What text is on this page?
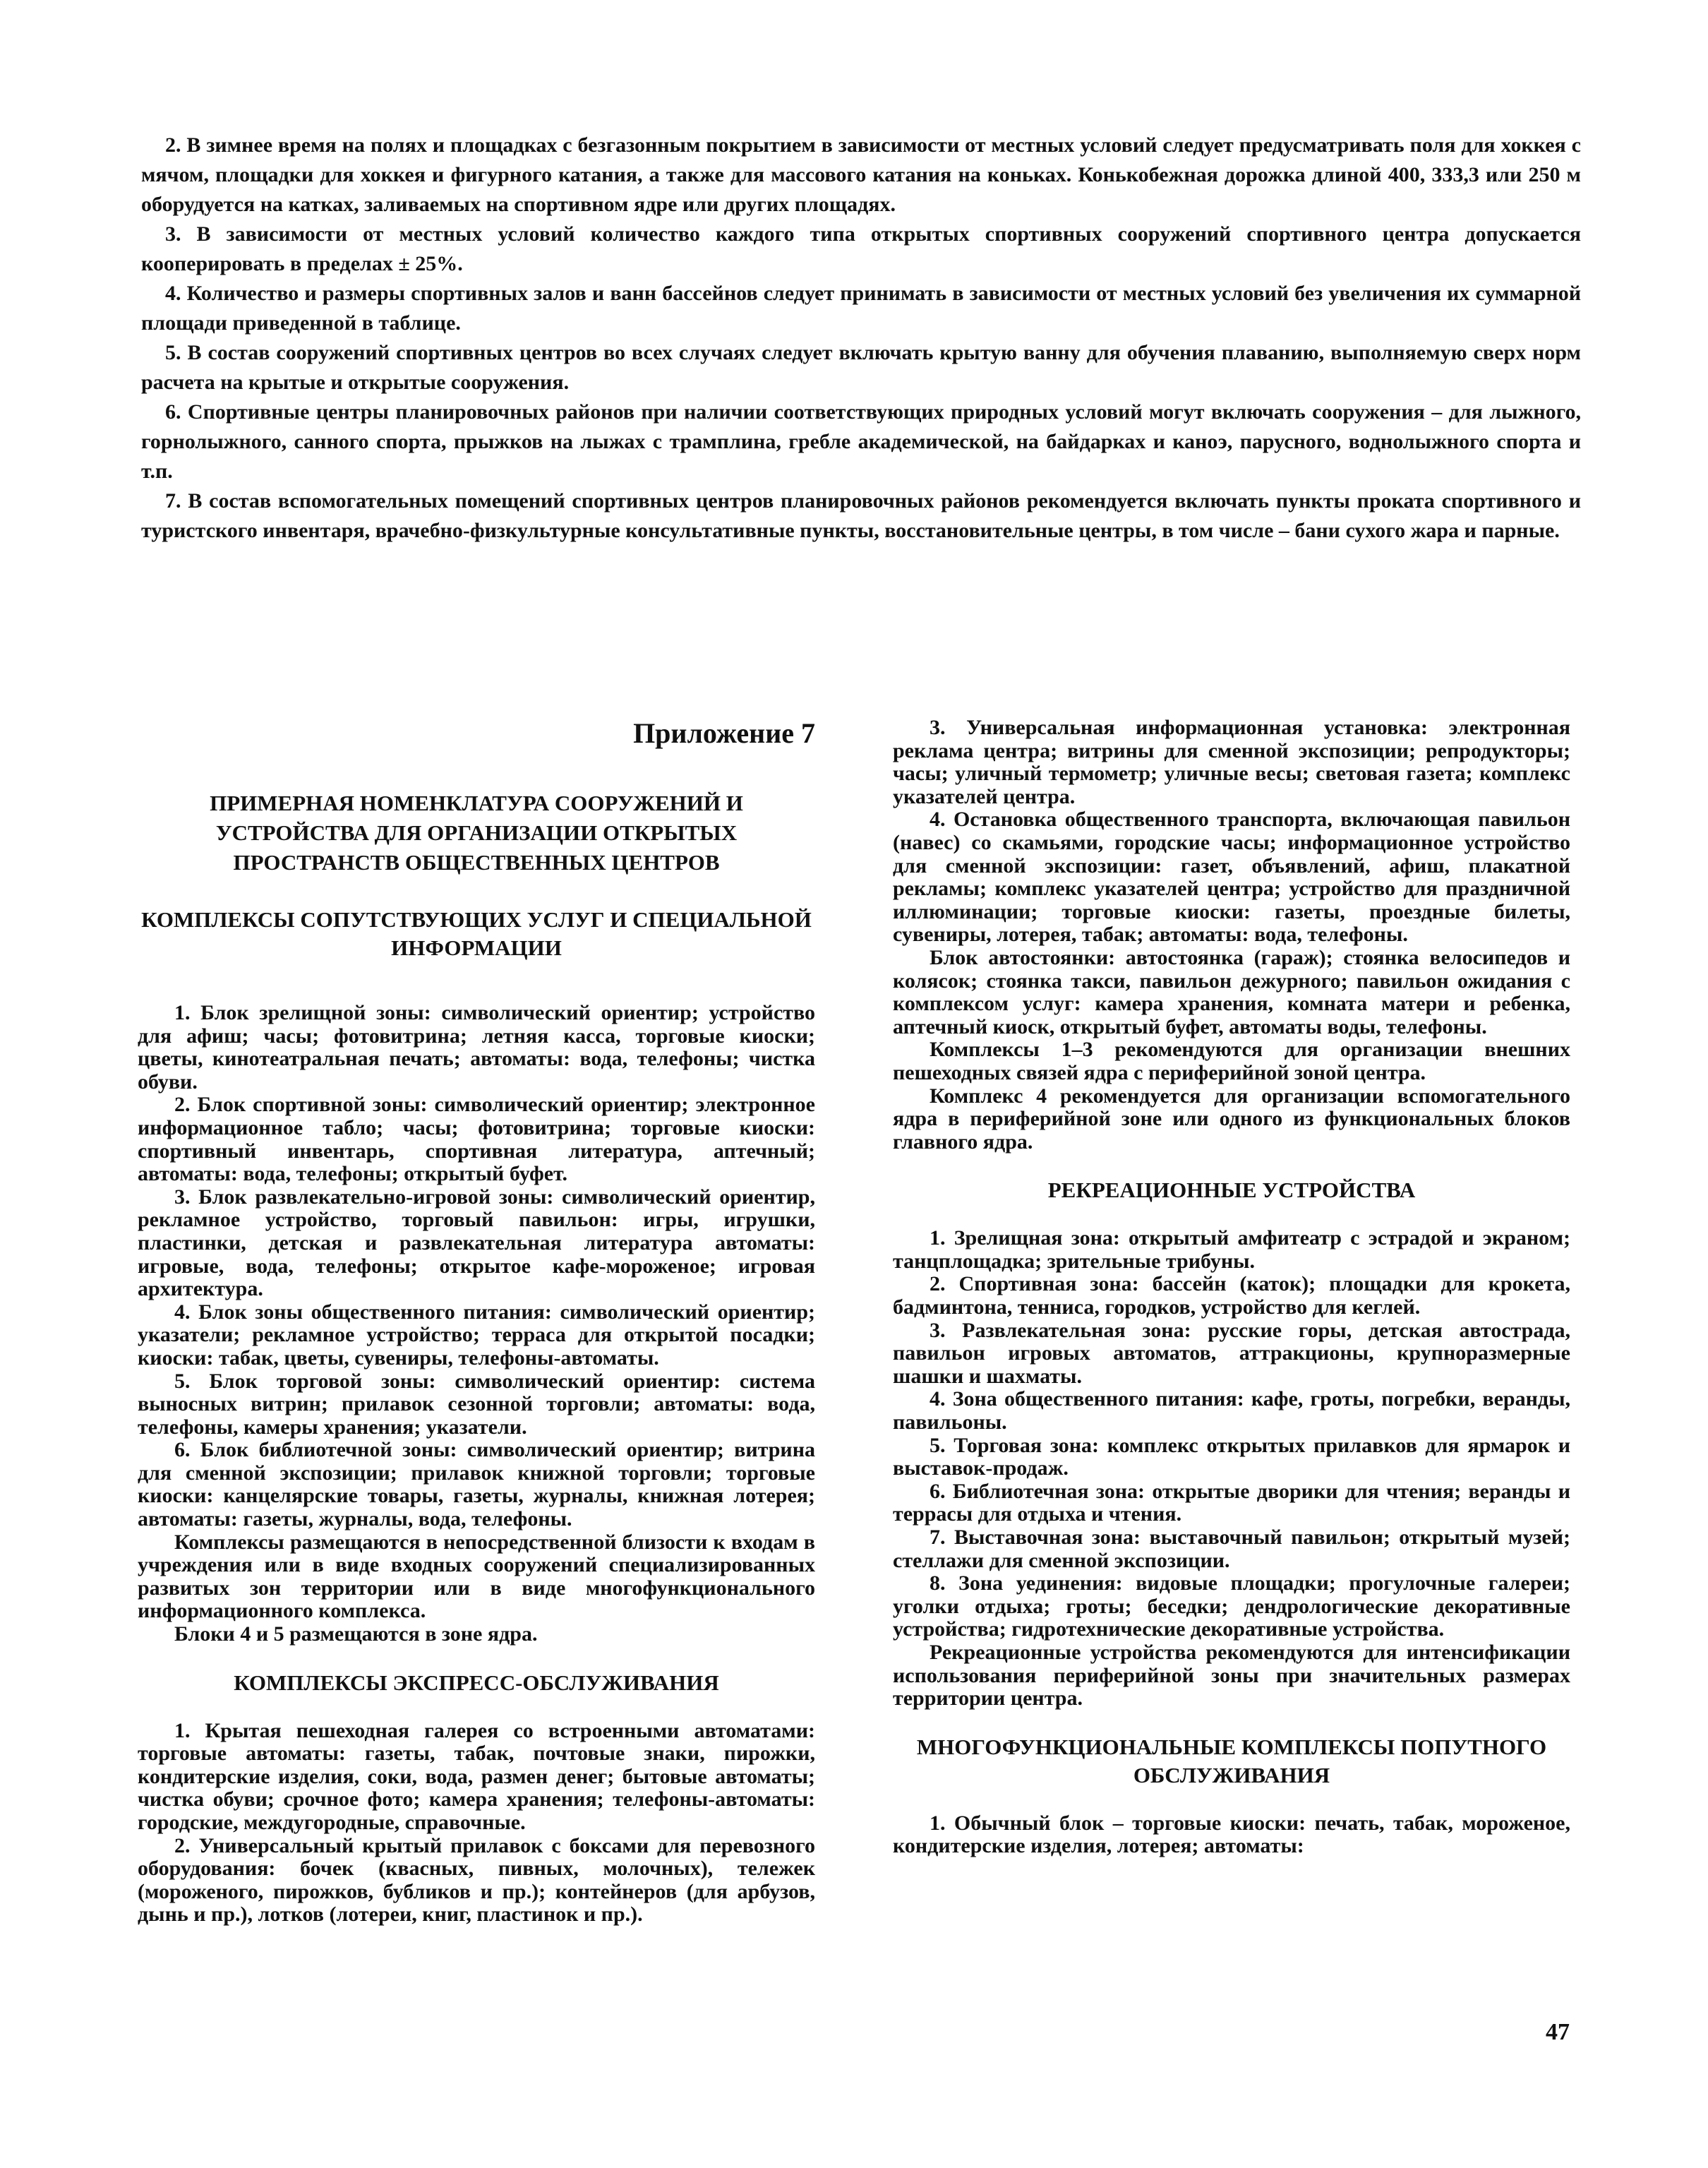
2. В зимнее время на полях и площадках с безгазонным покрытием в зависимости от местных условий следует предусматривать поля для хоккея с мячом, площадки для хоккея и фигурного катания, а также для массового катания на коньках. Конькобежная дорожка длиной 400, 333,3 или 250 м оборудуется на катках, заливаемых на спортивном ядре или других площадях.

3. В зависимости от местных условий количество каждого типа открытых спортивных сооружений спортивного центра допускается кооперировать в пределах ± 25%.

4. Количество и размеры спортивных залов и ванн бассейнов следует принимать в зависимости от местных условий без увеличения их суммарной площади приведенной в таблице.

5. В состав сооружений спортивных центров во всех случаях следует включать крытую ванну для обучения плаванию, выполняемую сверх норм расчета на крытые и открытые сооружения.

6. Спортивные центры планировочных районов при наличии соответствующих природных условий могут включать сооружения – для лыжного, горнолыжного, санного спорта, прыжков на лыжах с трамплина, гребле академической, на байдарках и каноэ, парусного, воднолыжного спорта и т.п.

7. В состав вспомогательных помещений спортивных центров планировочных районов рекомендуется включать пункты проката спортивного и туристского инвентаря, врачебно-физкультурные консультативные пункты, восстановительные центры, в том числе – бани сухого жара и парные.

Приложение 7
ПРИМЕРНАЯ НОМЕНКЛАТУРА СООРУЖЕНИЙ И УСТРОЙСТВА ДЛЯ ОРГАНИЗАЦИИ ОТКРЫТЫХ ПРОСТРАНСТВ ОБЩЕСТВЕННЫХ ЦЕНТРОВ

КОМПЛЕКСЫ СОПУТСТВУЮЩИХ УСЛУГ И СПЕЦИАЛЬНОЙ ИНФОРМАЦИИ

1. Блок зрелищной зоны: символический ориентир; устройство для афиш; часы; фотовитрина; летняя касса, торговые киоски; цветы, кинотеатральная печать; автоматы: вода, телефоны; чистка обуви.

2. Блок спортивной зоны: символический ориентир; электронное информационное табло; часы; фотовитрина; торговые киоски: спортивный инвентарь, спортивная литература, аптечный; автоматы: вода, телефоны; открытый буфет.

3. Блок развлекательно-игровой зоны: символический ориентир, рекламное устройство, торговый павильон: игры, игрушки, пластинки, детская и развлекательная литература автоматы: игровые, вода, телефоны; открытое кафе-мороженое; игровая архитектура.

4. Блок зоны общественного питания: символический ориентир; указатели; рекламное устройство; терраса для открытой посадки; киоски: табак, цветы, сувениры, телефоны-автоматы.

5. Блок торговой зоны: символический ориентир: система выносных витрин; прилавок сезонной торговли; автоматы: вода, телефоны, камеры хранения; указатели.

6. Блок библиотечной зоны: символический ориентир; витрина для сменной экспозиции; прилавок книжной торговли; торговые киоски: канцелярские товары, газеты, журналы, книжная лотерея; автоматы: газеты, журналы, вода, телефоны.

Комплексы размещаются в непосредственной близости к входам в учреждения или в виде входных сооружений специализированных развитых зон территории или в виде многофункционального информационного комплекса.

Блоки 4 и 5 размещаются в зоне ядра.

КОМПЛЕКСЫ ЭКСПРЕСС-ОБСЛУЖИВАНИЯ

1. Крытая пешеходная галерея со встроенными автоматами: торговые автоматы: газеты, табак, почтовые знаки, пирожки, кондитерские изделия, соки, вода, размен денег; бытовые автоматы; чистка обуви; срочное фото; камера хранения; телефоны-автоматы: городские, междугородные, справочные.

2. Универсальный крытый прилавок с боксами для перевозного оборудования: бочек (квасных, пивных, молочных), тележек (мороженого, пирожков, бубликов и пр.); контейнеров (для арбузов, дынь и пр.), лотков (лотереи, книг, пластинок и пр.).

3. Универсальная информационная установка: электронная реклама центра; витрины для сменной экспозиции; репродукторы; часы; уличный термометр; уличные весы; световая газета; комплекс указателей центра.

4. Остановка общественного транспорта, включающая павильон (навес) со скамьями, городские часы; информационное устройство для сменной экспозиции: газет, объявлений, афиш, плакатной рекламы; комплекс указателей центра; устройство для праздничной иллюминации; торговые киоски: газеты, проездные билеты, сувениры, лотерея, табак; автоматы: вода, телефоны.

Блок автостоянки: автостоянка (гараж); стоянка велосипедов и колясок; стоянка такси, павильон дежурного; павильон ожидания с комплексом услуг: камера хранения, комната матери и ребенка, аптечный киоск, открытый буфет, автоматы воды, телефоны.

Комплексы 1–3 рекомендуются для организации внешних пешеходных связей ядра с периферийной зоной центра.

Комплекс 4 рекомендуется для организации вспомогательного ядра в периферийной зоне или одного из функциональных блоков главного ядра.

РЕКРЕАЦИОННЫЕ УСТРОЙСТВА

1. Зрелищная зона: открытый амфитеатр с эстрадой и экраном; танцплощадка; зрительные трибуны.

2. Спортивная зона: бассейн (каток); площадки для крокета, бадминтона, тенниса, городков, устройство для кеглей.

3. Развлекательная зона: русские горы, детская автострада, павильон игровых автоматов, аттракционы, крупноразмерные шашки и шахматы.

4. Зона общественного питания: кафе, гроты, погребки, веранды, павильоны.

5. Торговая зона: комплекс открытых прилавков для ярмарок и выставок-продаж.

6. Библиотечная зона: открытые дворики для чтения; веранды и террасы для отдыха и чтения.

7. Выставочная зона: выставочный павильон; открытый музей; стеллажи для сменной экспозиции.

8. Зона уединения: видовые площадки; прогулочные галереи; уголки отдыха; гроты; беседки; дендрологические декоративные устройства; гидротехнические декоративные устройства.

Рекреационные устройства рекомендуются для интенсификации использования периферийной зоны при значительных размерах территории центра.

МНОГОФУНКЦИОНАЛЬНЫЕ КОМПЛЕКСЫ ПОПУТНОГО ОБСЛУЖИВАНИЯ

1. Обычный блок – торговые киоски: печать, табак, мороженое, кондитерские изделия, лотерея; автоматы:

47
